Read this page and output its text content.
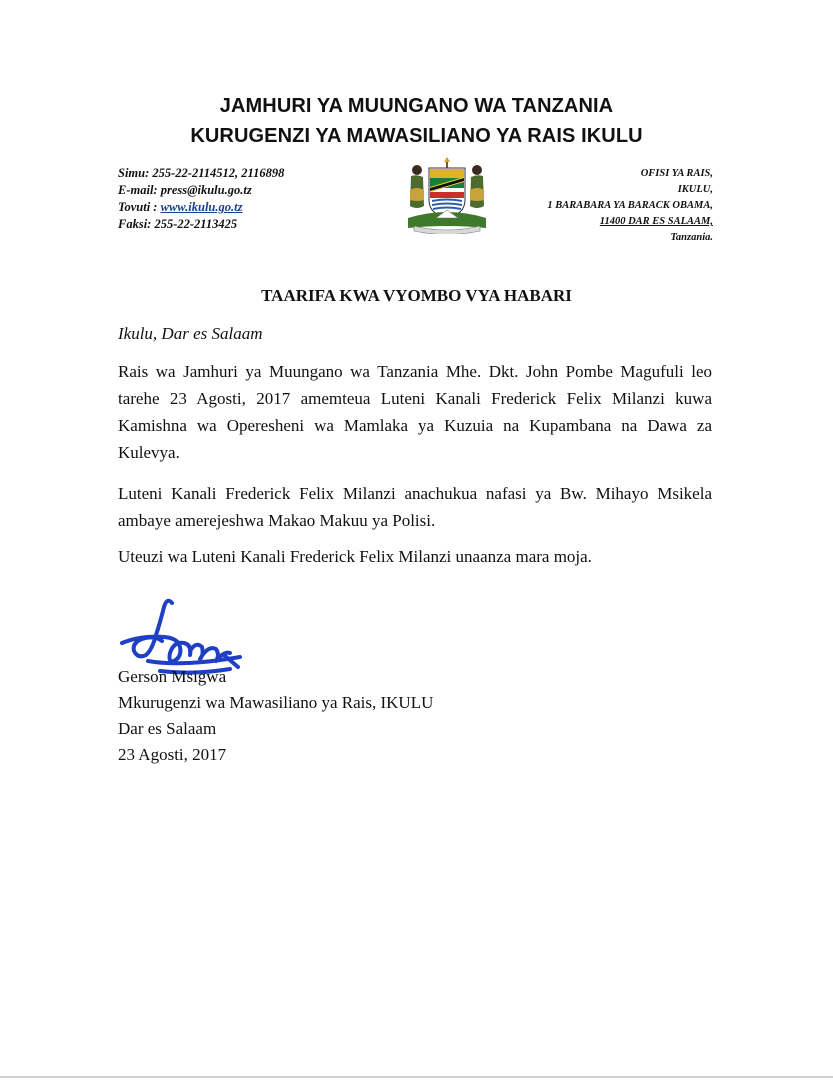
JAMHURI YA MUUNGANO WA TANZANIA
KURUGENZI YA MAWASILIANO YA RAIS IKULU
Simu: 255-22-2114512, 2116898
E-mail: press@ikulu.go.tz
Tovuti : www.ikulu.go.tz
Faksi: 255-22-2113425
OFISI YA RAIS,
IKULU,
1 BARABARA YA BARACK OBAMA,
11400 DAR ES SALAAM,
Tanzania.
TAARIFA KWA VYOMBO VYA HABARI
Ikulu, Dar es Salaam

Rais wa Jamhuri ya Muungano wa Tanzania Mhe. Dkt. John Pombe Magufuli leo tarehe 23 Agosti, 2017 amemteua Luteni Kanali Frederick Felix Milanzi kuwa Kamishna wa Operesheni wa Mamlaka ya Kuzuia na Kupambana na Dawa za Kulevya.

Luteni Kanali Frederick Felix Milanzi anachukua nafasi ya Bw. Mihayo Msikela ambaye amerejeshwa Makao Makuu ya Polisi.

Uteuzi wa Luteni Kanali Frederick Felix Milanzi unaanza mara moja.

Gerson Msigwa
Mkurugenzi wa Mawasiliano ya Rais, IKULU
Dar es Salaam
23 Agosti, 2017
